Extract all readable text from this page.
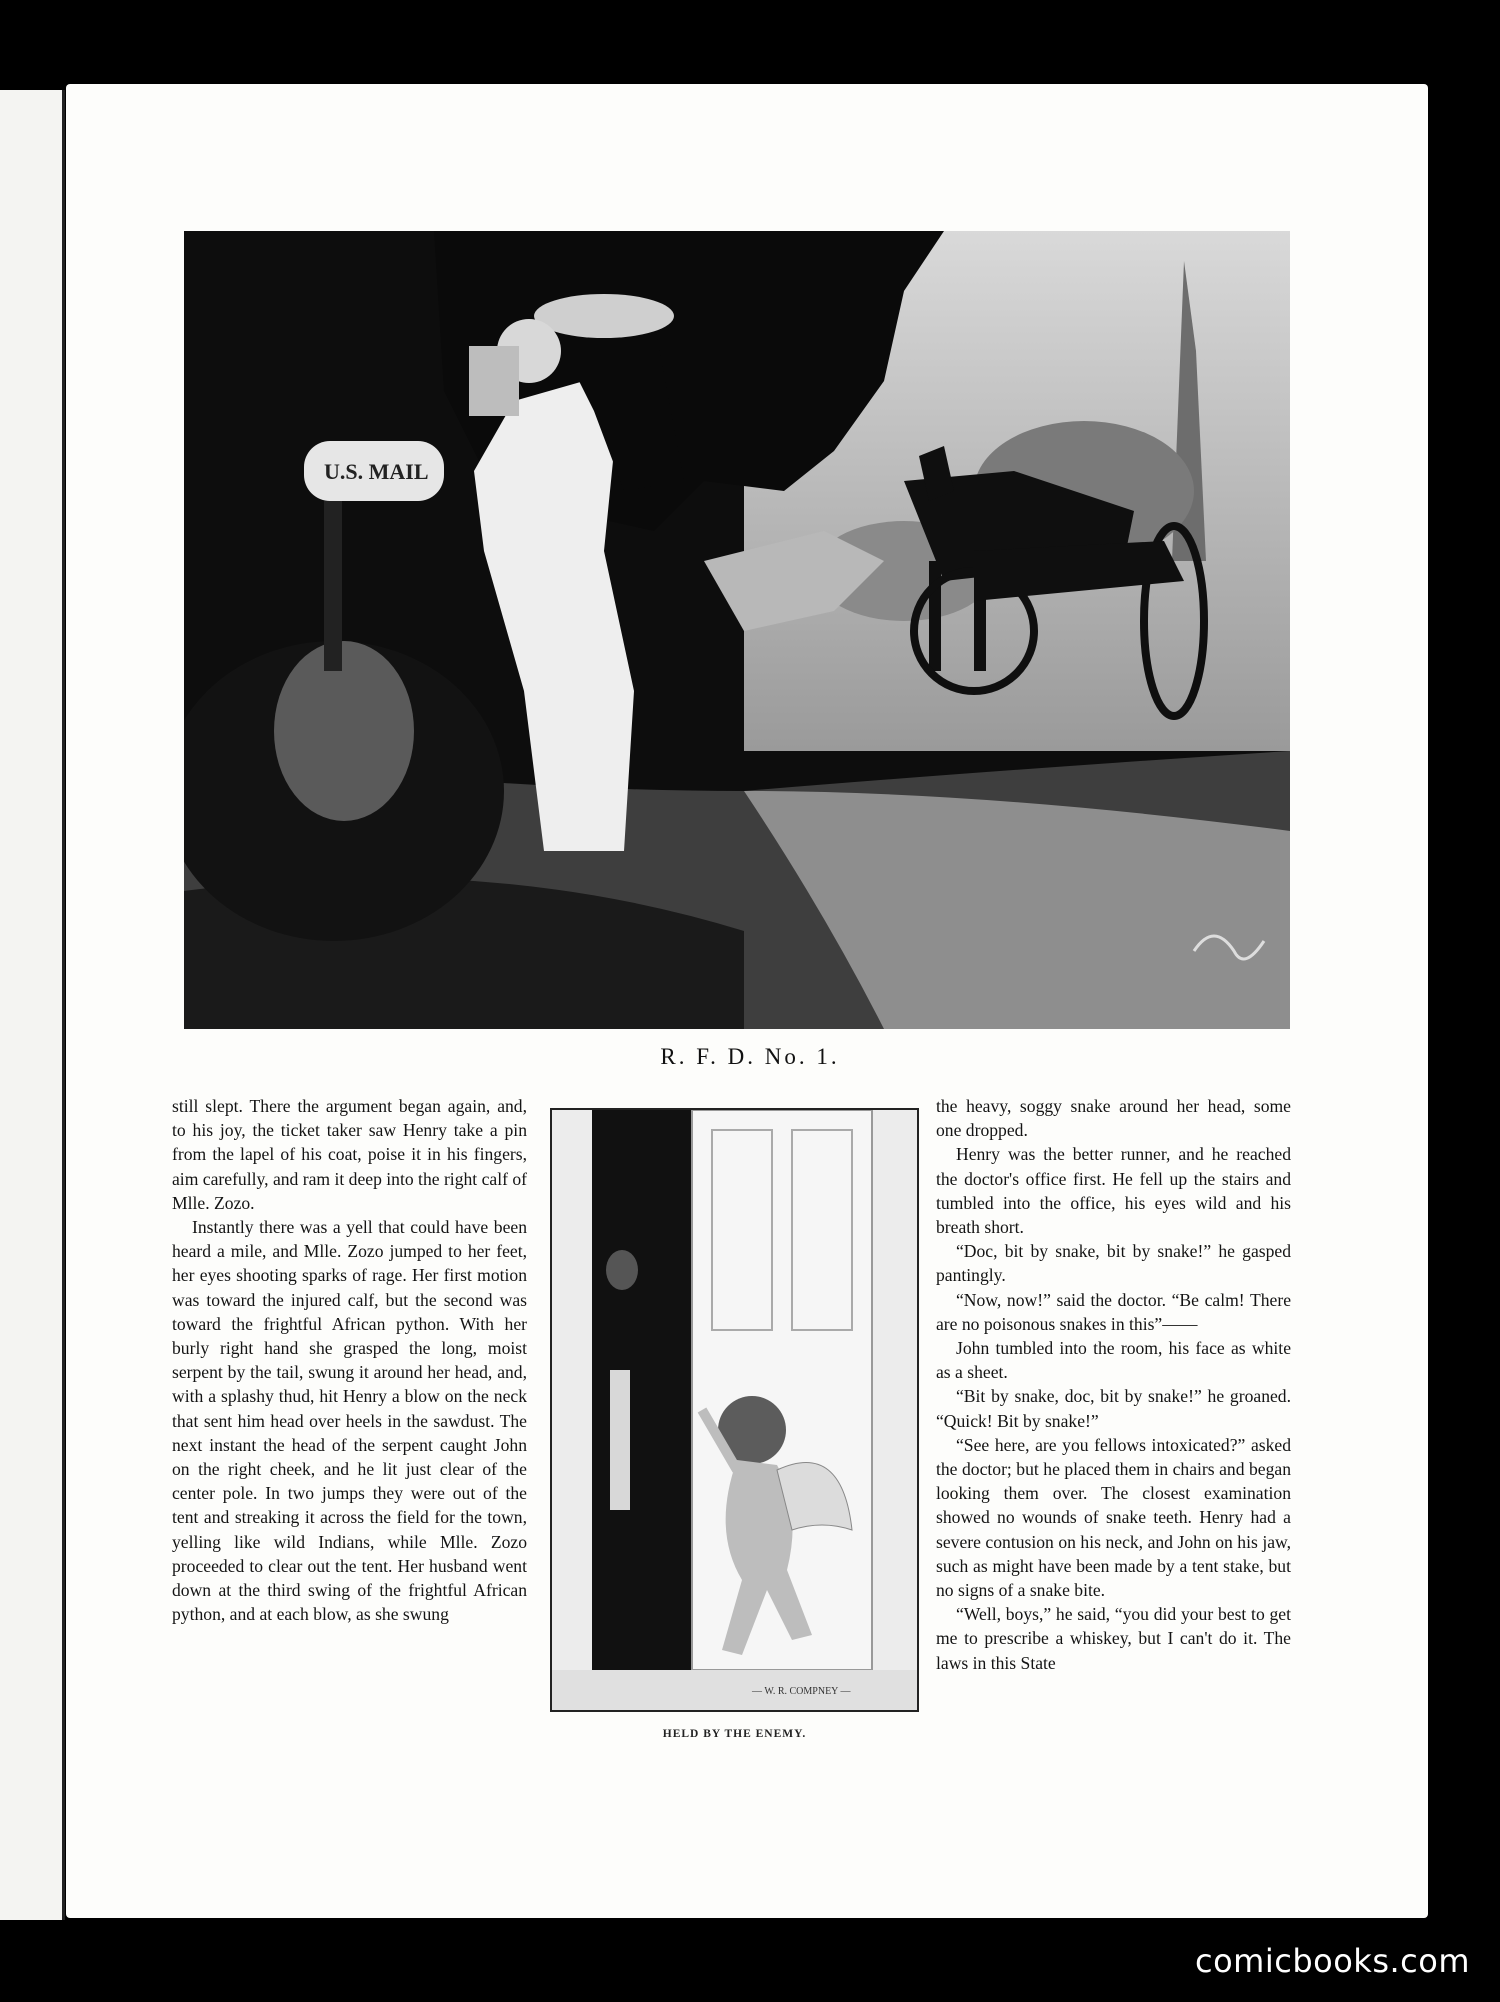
U.S. MAIL
R. F. D. No. 1.

still slept. There the argument began again, and, to his joy, the ticket taker saw Henry take a pin from the lapel of his coat, poise it in his fingers, aim carefully, and ram it deep into the right calf of Mlle. Zozo.

Instantly there was a yell that could have been heard a mile, and Mlle. Zozo jumped to her feet, her eyes shooting sparks of rage. Her first motion was toward the injured calf, but the second was toward the frightful African python. With her burly right hand she grasped the long, moist serpent by the tail, swung it around her head, and, with a splashy thud, hit Henry a blow on the neck that sent him head over heels in the sawdust. The next instant the head of the serpent caught John on the right cheek, and he lit just clear of the center pole. In two jumps they were out of the tent and streaking it across the field for the town, yelling like wild Indians, while Mlle. Zozo proceeded to clear out the tent. Her husband went down at the third swing of the frightful African python, and at each blow, as she swung

— W. R. COMPNEY —
HELD BY THE ENEMY.

the heavy, soggy snake around her head, some one dropped.

Henry was the better runner, and he reached the doctor's office first. He fell up the stairs and tumbled into the office, his eyes wild and his breath short.

“Doc, bit by snake, bit by snake!” he gasped pantingly.

“Now, now!” said the doctor. “Be calm! There are no poisonous snakes in this”——

John tumbled into the room, his face as white as a sheet.

“Bit by snake, doc, bit by snake!” he groaned. “Quick! Bit by snake!”

“See here, are you fellows intoxicated?” asked the doctor; but he placed them in chairs and began looking them over. The closest examination showed no wounds of snake teeth. Henry had a severe contusion on his neck, and John on his jaw, such as might have been made by a tent stake, but no signs of a snake bite.

“Well, boys,” he said, “you did your best to get me to prescribe a whiskey, but I can't do it. The laws in this State

comicbooks.com
